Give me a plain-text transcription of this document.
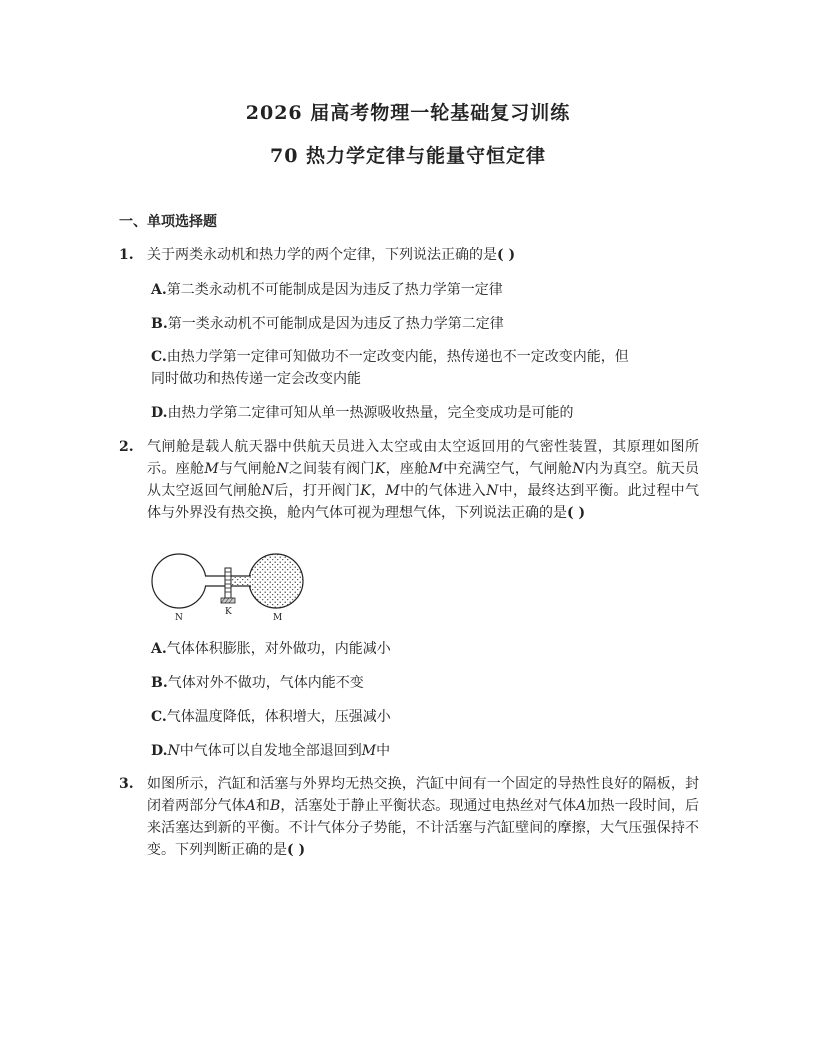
2026 届高考物理一轮基础复习训练
70 热力学定律与能量守恒定律
一、单项选择题
1. 关于两类永动机和热力学的两个定律，下列说法正确的是( )
A.第二类永动机不可能制成是因为违反了热力学第一定律
B.第一类永动机不可能制成是因为违反了热力学第二定律
C.由热力学第一定律可知做功不一定改变内能，热传递也不一定改变内能，但
同时做功和热传递一定会改变内能
D.由热力学第二定律可知从单一热源吸收热量，完全变成功是可能的
2. 气闸舱是载人航天器中供航天员进入太空或由太空返回用的气密性装置，其原理如图所示。座舱M与气闸舱N之间装有阀门K，座舱M中充满空气，气闸舱N内为真空。航天员从太空返回气闸舱N后，打开阀门K，M中的气体进入N中，最终达到平衡。此过程中气体与外界没有热交换，舱内气体可视为理想气体，下列说法正确的是( )
N
K
M
A.气体体积膨胀，对外做功，内能减小
B.气体对外不做功，气体内能不变
C.气体温度降低，体积增大，压强减小
D.N中气体可以自发地全部退回到M中
3. 如图所示，汽缸和活塞与外界均无热交换，汽缸中间有一个固定的导热性良好的隔板，封闭着两部分气体A和B，活塞处于静止平衡状态。现通过电热丝对气体A加热一段时间，后来活塞达到新的平衡。不计气体分子势能，不计活塞与汽缸壁间的摩擦，大气压强保持不变。下列判断正确的是( )
